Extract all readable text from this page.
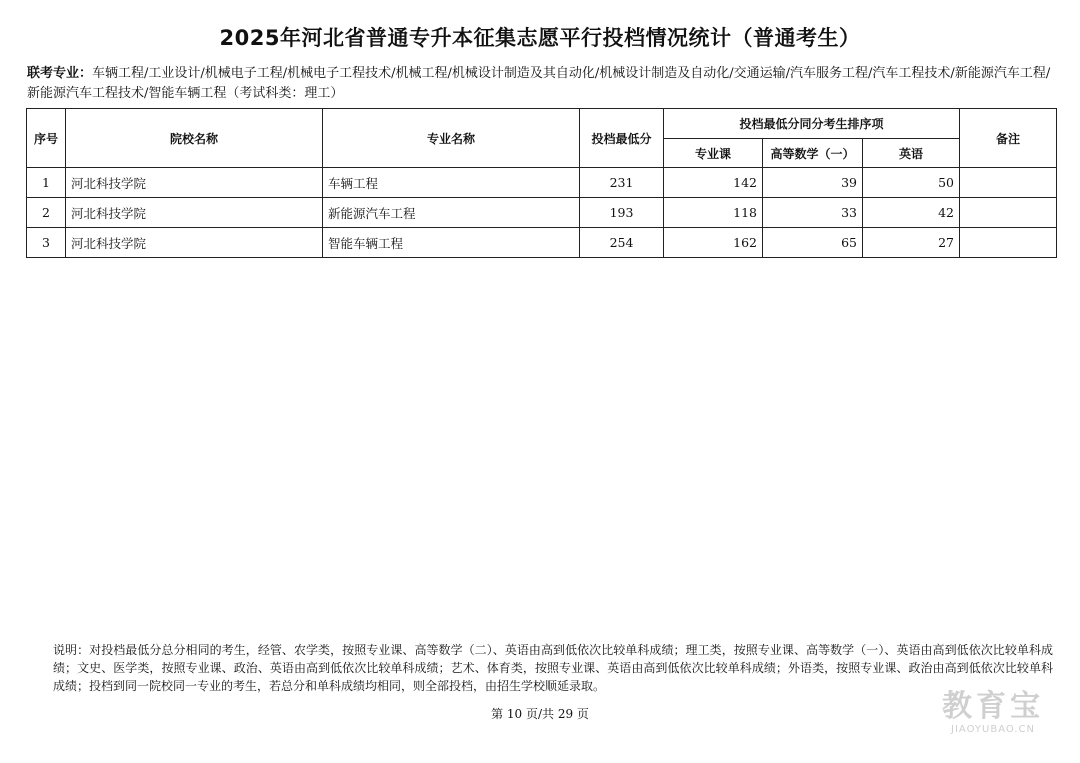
2025年河北省普通专升本征集志愿平行投档情况统计（普通考生）
联考专业：车辆工程/工业设计/机械电子工程/机械电子工程技术/机械工程/机械设计制造及其自动化/机械设计制造及自动化/交通运输/汽车服务工程/汽车工程技术/新能源汽车工程/新能源汽车工程技术/智能车辆工程（考试科类：理工）
序号	院校名称	专业名称	投档最低分	投档最低分同分考生排序项			备注
				专业课	高等数学（一）	英语	
1	河北科技学院	车辆工程	231	142	39	50	
2	河北科技学院	新能源汽车工程	193	118	33	42	
3	河北科技学院	智能车辆工程	254	162	65	27	
说明：对投档最低分总分相同的考生，经管、农学类，按照专业课、高等数学（二）、英语由高到低依次比较单科成绩；理工类，按照专业课、高等数学（一）、英语由高到低依次比较单科成绩；文史、医学类，按照专业课、政治、英语由高到低依次比较单科成绩；艺术、体育类，按照专业课、英语由高到低依次比较单科成绩；外语类，按照专业课、政治由高到低依次比较单科成绩；投档到同一院校同一专业的考生，若总分和单科成绩均相同，则全部投档，由招生学校顺延录取。
第 10 页/共 29 页	教育宝
JIAOYUBAO.CN
